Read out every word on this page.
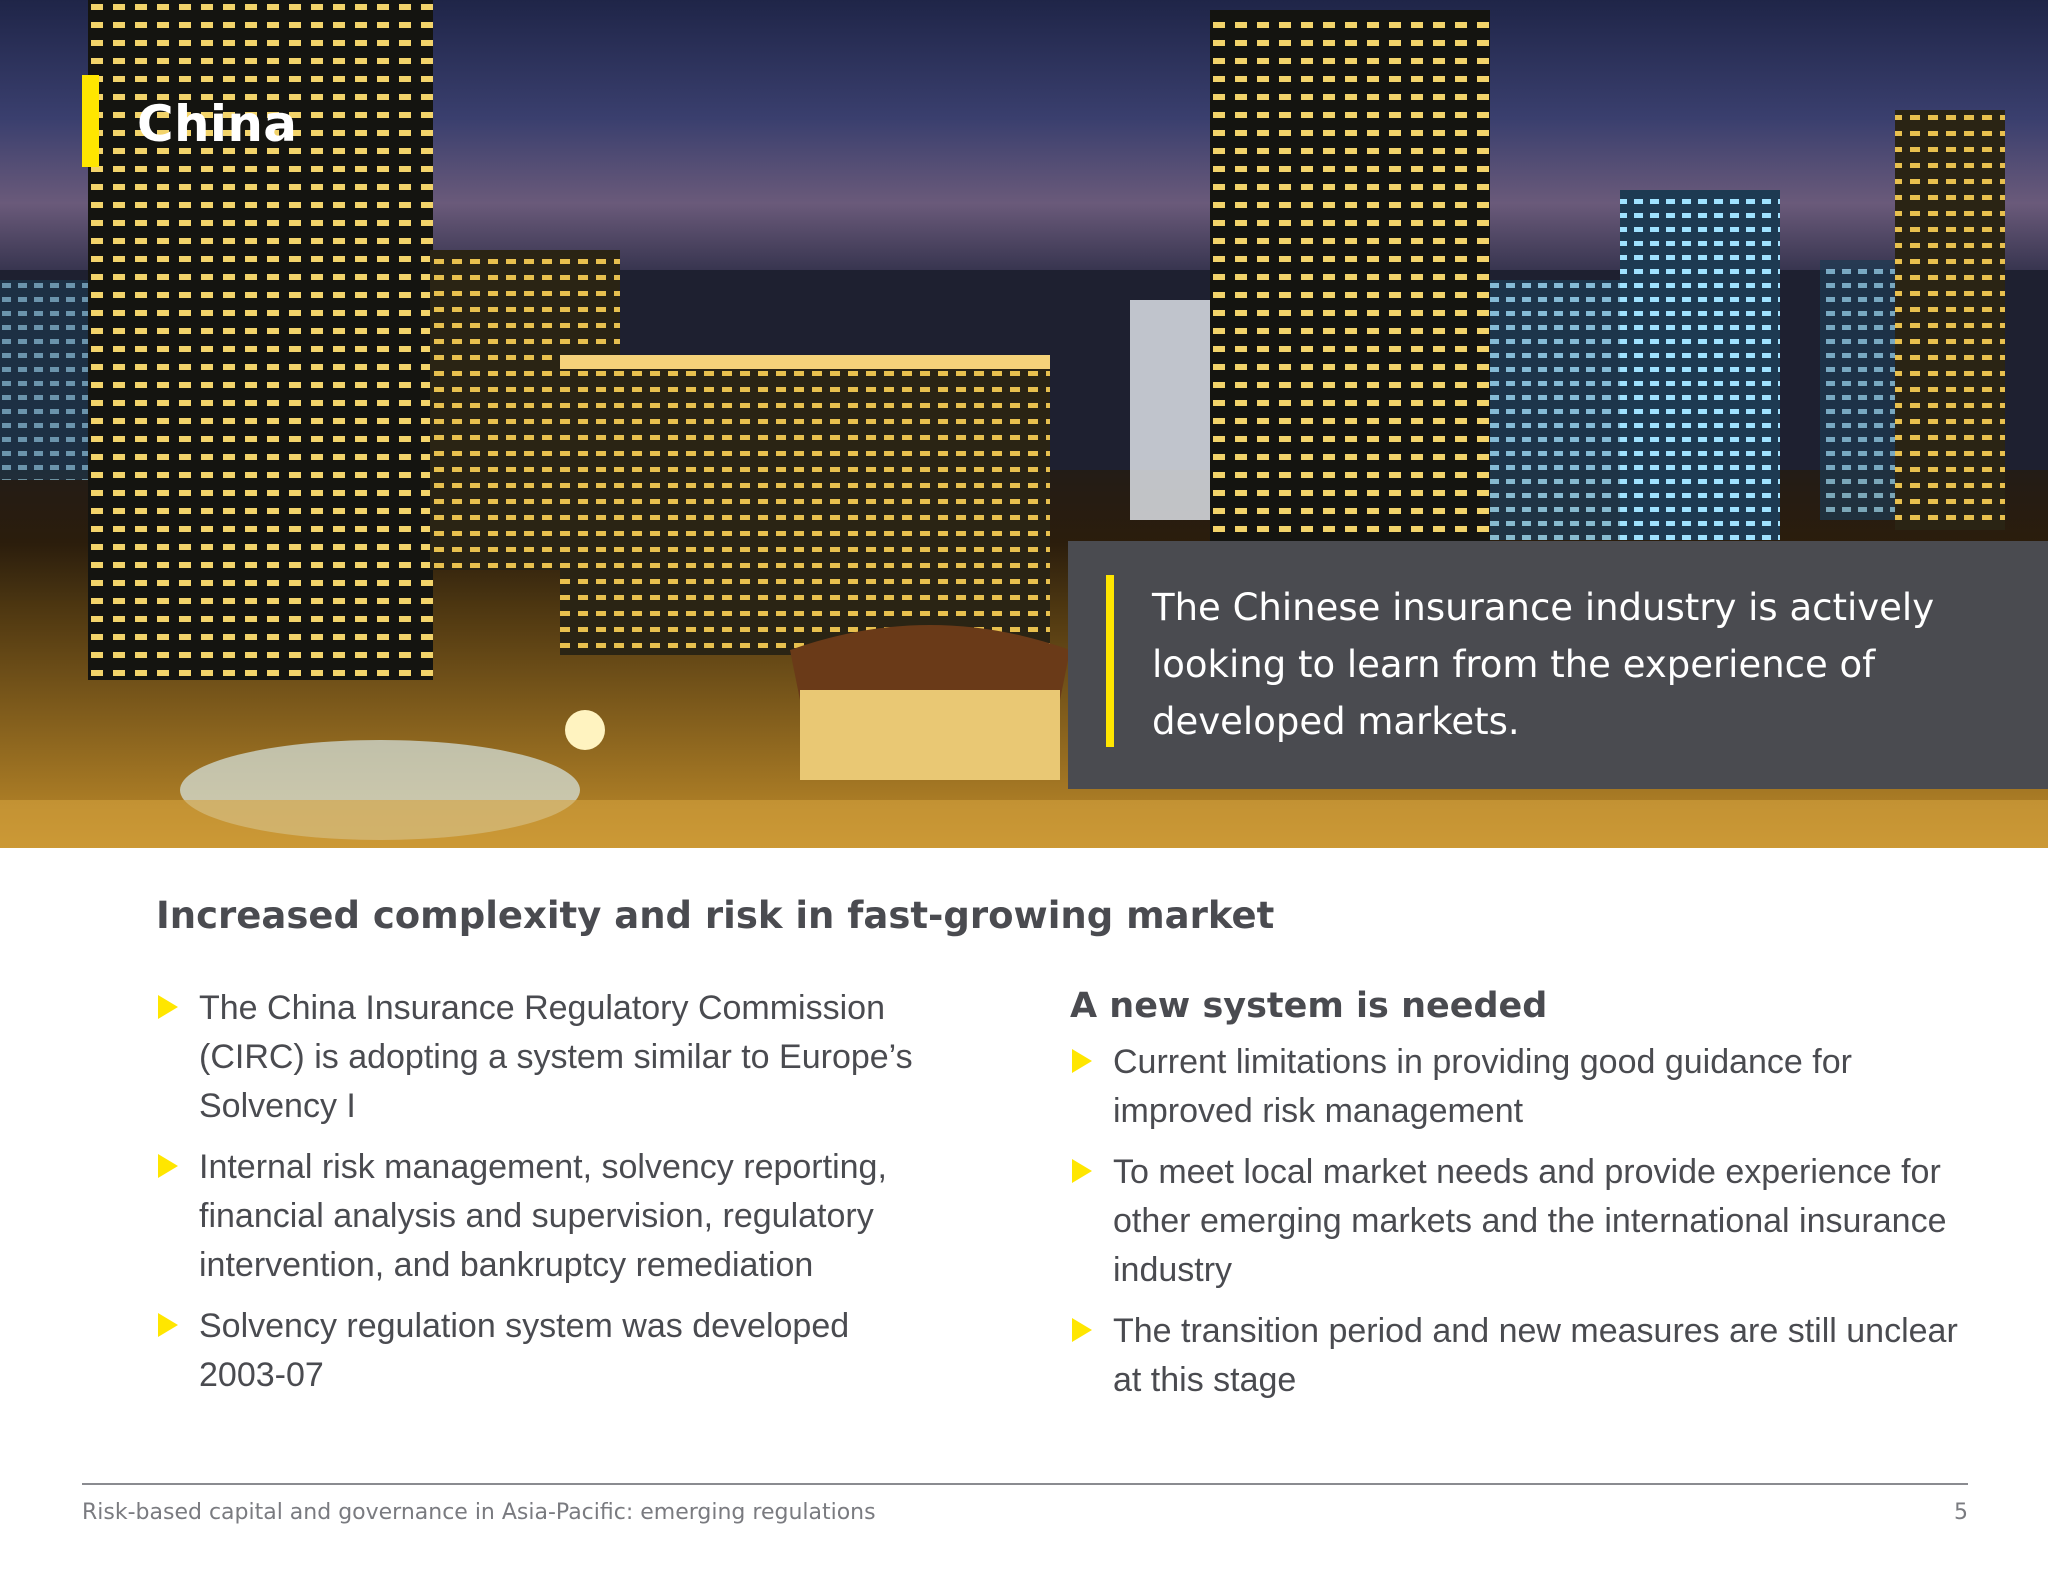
China

The Chinese insurance industry is actively looking to learn from the experience of developed markets.

Increased complexity and risk in fast-growing market
The China Insurance Regulatory Commission (CIRC) is adopting a system similar to Europe’s Solvency I
Internal risk management, solvency reporting, financial analysis and supervision, regulatory intervention, and bankruptcy remediation
Solvency regulation system was developed 2003-07
A new system is needed
Current limitations in providing good guidance for improved risk management
To meet local market needs and provide experience for other emerging markets and the international insurance industry
The transition period and new measures are still unclear at this stage
Risk-based capital and governance in Asia-Pacific: emerging regulations	5
